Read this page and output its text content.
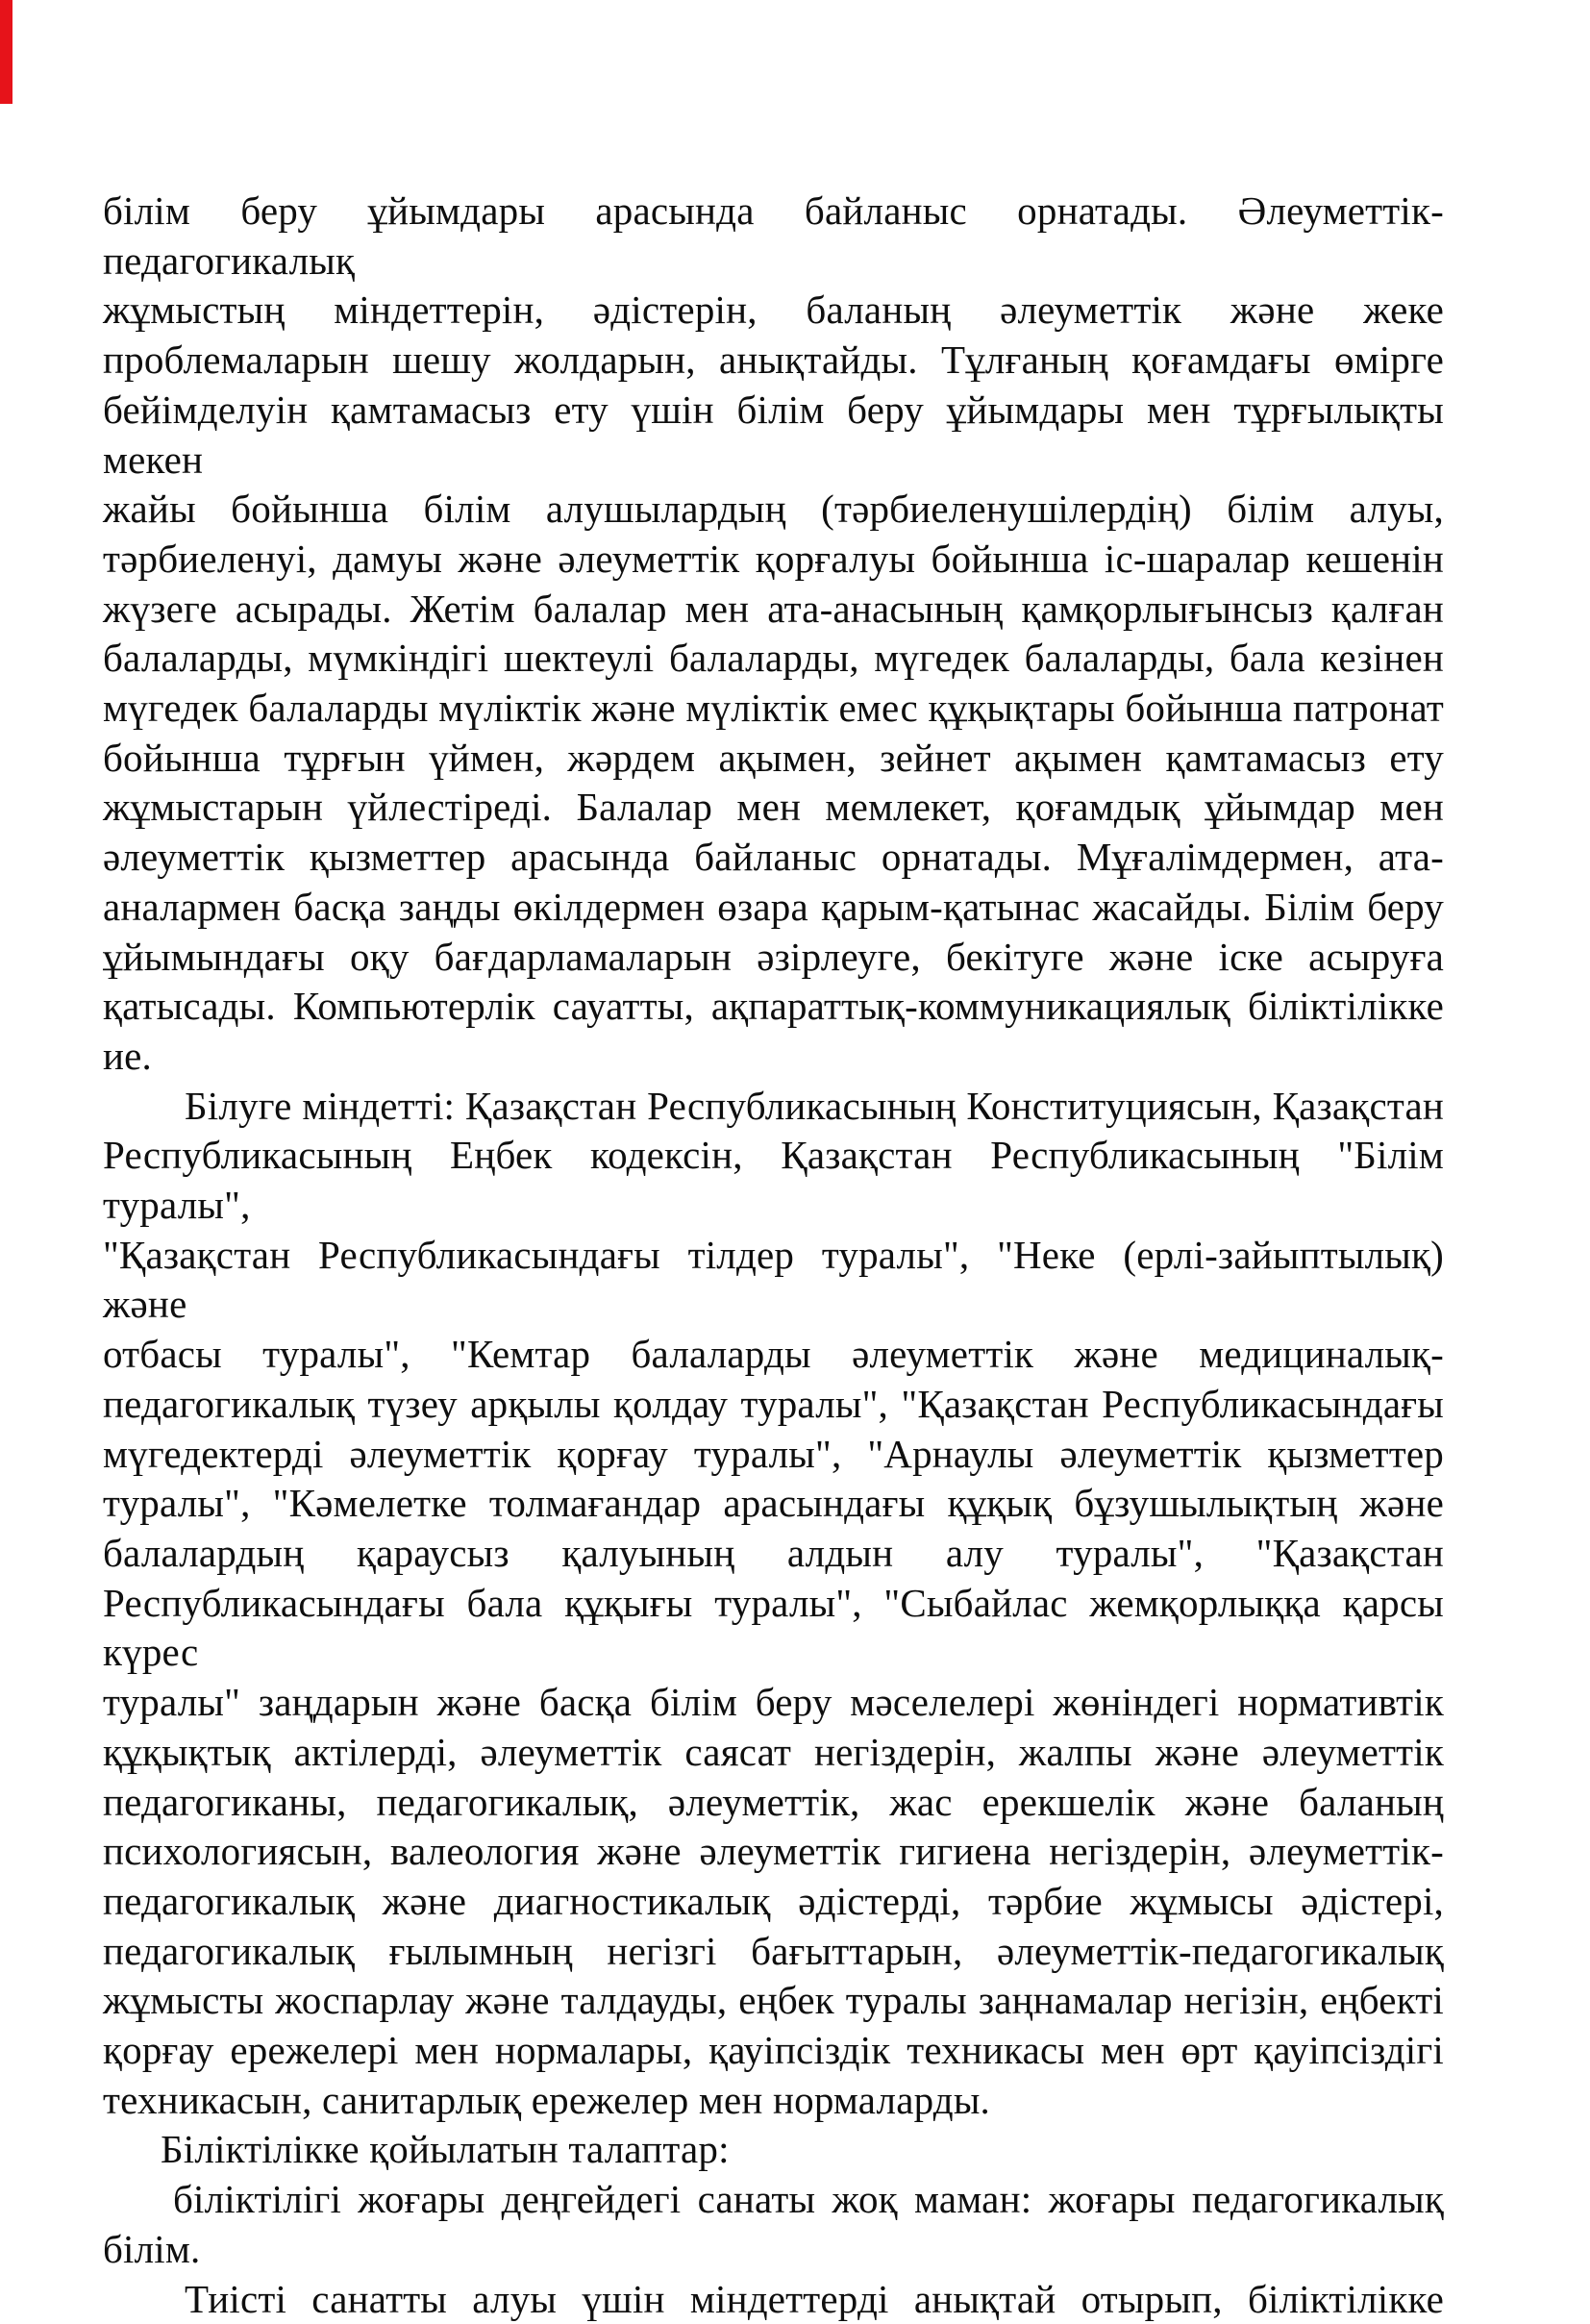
білім беру ұйымдары арасында байланыс орнатады. Әлеуметтік-педагогикалық
жұмыстың міндеттерін, әдістерін, баланың әлеуметтік және жеке
проблемаларын шешу жолдарын, анықтайды. Тұлғаның қоғамдағы өмірге
бейімделуін қамтамасыз ету үшін білім беру ұйымдары мен тұрғылықты мекен
жайы бойынша білім алушылардың (тәрбиеленушілердің) білім алуы,
тәрбиеленуі, дамуы және әлеуметтік қорғалуы бойынша іс-шаралар кешенін
жүзеге асырады. Жетім балалар мен ата-анасының қамқорлығынсыз қалған
балаларды, мүмкіндігі шектеулі балаларды, мүгедек балаларды, бала кезінен
мүгедек балаларды мүліктік және мүліктік емес құқықтары бойынша патронат
бойынша тұрғын үймен, жәрдем ақымен, зейнет ақымен қамтамасыз ету
жұмыстарын үйлестіреді. Балалар мен мемлекет, қоғамдық ұйымдар мен
әлеуметтік қызметтер арасында байланыс орнатады. Мұғалімдермен, ата-
аналармен басқа заңды өкілдермен өзара қарым-қатынас жасайды. Білім беру
ұйымындағы оқу бағдарламаларын әзірлеуге, бекітуге және іске асыруға
қатысады. Компьютерлік сауатты, ақпараттық-коммуникациялық біліктілікке ие.
Білуге міндетті: Қазақстан Республикасының Конституциясын, Қазақстан
Республикасының Еңбек кодексін, Қазақстан Республикасының "Білім туралы",
"Қазақстан Республикасындағы тілдер туралы", "Неке (ерлі-зайыптылық) және
отбасы туралы", "Кемтар балаларды әлеуметтік және медициналық-
педагогикалық түзеу арқылы қолдау туралы", "Қазақстан Республикасындағы
мүгедектерді әлеуметтік қорғау туралы", "Арнаулы әлеуметтік қызметтер
туралы", "Кәмелетке толмағандар арасындағы құқық бұзушылықтың және
балалардың қараусыз қалуының алдын алу туралы", "Қазақстан
Республикасындағы бала құқығы туралы", "Сыбайлас жемқорлыққа қарсы күрес
туралы" заңдарын және басқа білім беру мәселелері жөніндегі нормативтік
құқықтық актілерді, әлеуметтік саясат негіздерін, жалпы және әлеуметтік
педагогиканы, педагогикалық, әлеуметтік, жас ерекшелік және баланың
психологиясын, валеология және әлеуметтік гигиена негіздерін, әлеуметтік-
педагогикалық және диагностикалық әдістерді, тәрбие жұмысы әдістері,
педагогикалық ғылымның негізгі бағыттарын, әлеуметтік-педагогикалық
жұмысты жоспарлау және талдауды, еңбек туралы заңнамалар негізін, еңбекті
қорғау ережелері мен нормалары, қауіпсіздік техникасы мен өрт қауіпсіздігі
техникасын, санитарлық ережелер мен нормаларды.
Біліктілікке қойылатын талаптар:
біліктілігі жоғары деңгейдегі санаты жоқ маман: жоғары педагогикалық
білім.
Тиісті санатты алуы үшін міндеттерді анықтай отырып, біліктілікке
